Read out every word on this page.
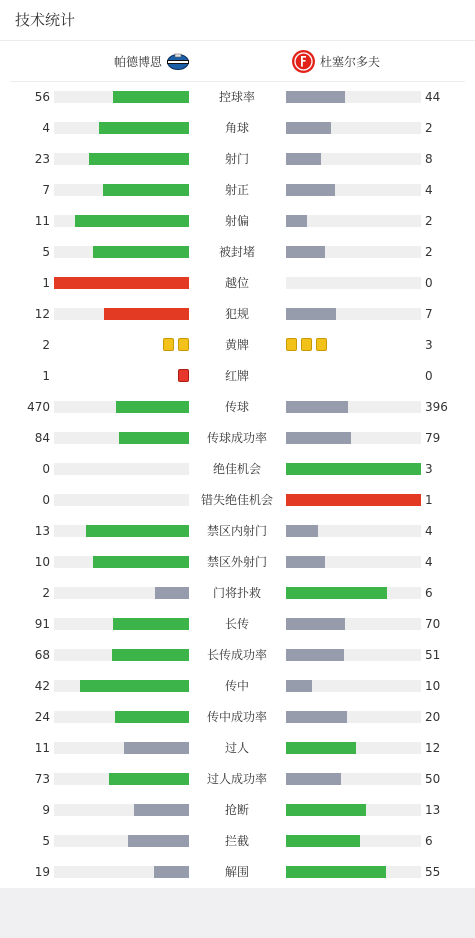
技术统计
帕德博恩	杜塞尔多夫
56	控球率	44
4	角球	2
23	射门	8
7	射正	4
11	射偏	2
5	被封堵	2
1	越位	0
12	犯规	7
2	黄牌	3
1	红牌	0
470	传球	396
84	传球成功率	79
0	绝佳机会	3
0	错失绝佳机会	1
13	禁区内射门	4
10	禁区外射门	4
2	门将扑救	6
91	长传	70
68	长传成功率	51
42	传中	10
24	传中成功率	20
11	过人	12
73	过人成功率	50
9	抢断	13
5	拦截	6
19	解围	55
